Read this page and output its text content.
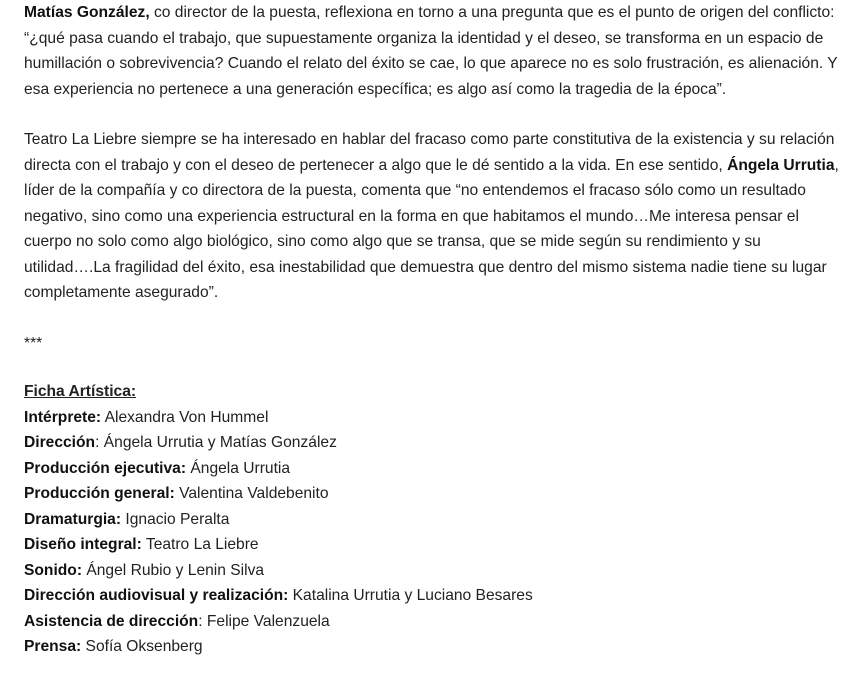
Matías González, co director de la puesta, reflexiona en torno a una pregunta que es el punto de origen del conflicto: “¿qué pasa cuando el trabajo, que supuestamente organiza la identidad y el deseo, se transforma en un espacio de humillación o sobrevivencia? Cuando el relato del éxito se cae, lo que aparece no es solo frustración, es alienación. Y esa experiencia no pertenece a una generación específica; es algo así como la tragedia de la época”.

Teatro La Liebre siempre se ha interesado en hablar del fracaso como parte constitutiva de la existencia y su relación directa con el trabajo y con el deseo de pertenecer a algo que le dé sentido a la vida. En ese sentido, Ángela Urrutia, líder de la compañía y co directora de la puesta, comenta que “no entendemos el fracaso sólo como un resultado negativo, sino como una experiencia estructural en la forma en que habitamos el mundo…Me interesa pensar el cuerpo no solo como algo biológico, sino como algo que se transa, que se mide según su rendimiento y su utilidad….La fragilidad del éxito, esa inestabilidad que demuestra que dentro del mismo sistema nadie tiene su lugar completamente asegurado”.

***

Ficha Artística:

Intérprete: Alexandra Von Hummel

Dirección: Ángela Urrutia y Matías González

Producción ejecutiva: Ángela Urrutia

Producción general: Valentina Valdebenito

Dramaturgia: Ignacio Peralta

Diseño integral: Teatro La Liebre

Sonido: Ángel Rubio y Lenin Silva

Dirección audiovisual y realización: Katalina Urrutia y Luciano Besares

Asistencia de dirección: Felipe Valenzuela

Prensa: Sofía Oksenberg
